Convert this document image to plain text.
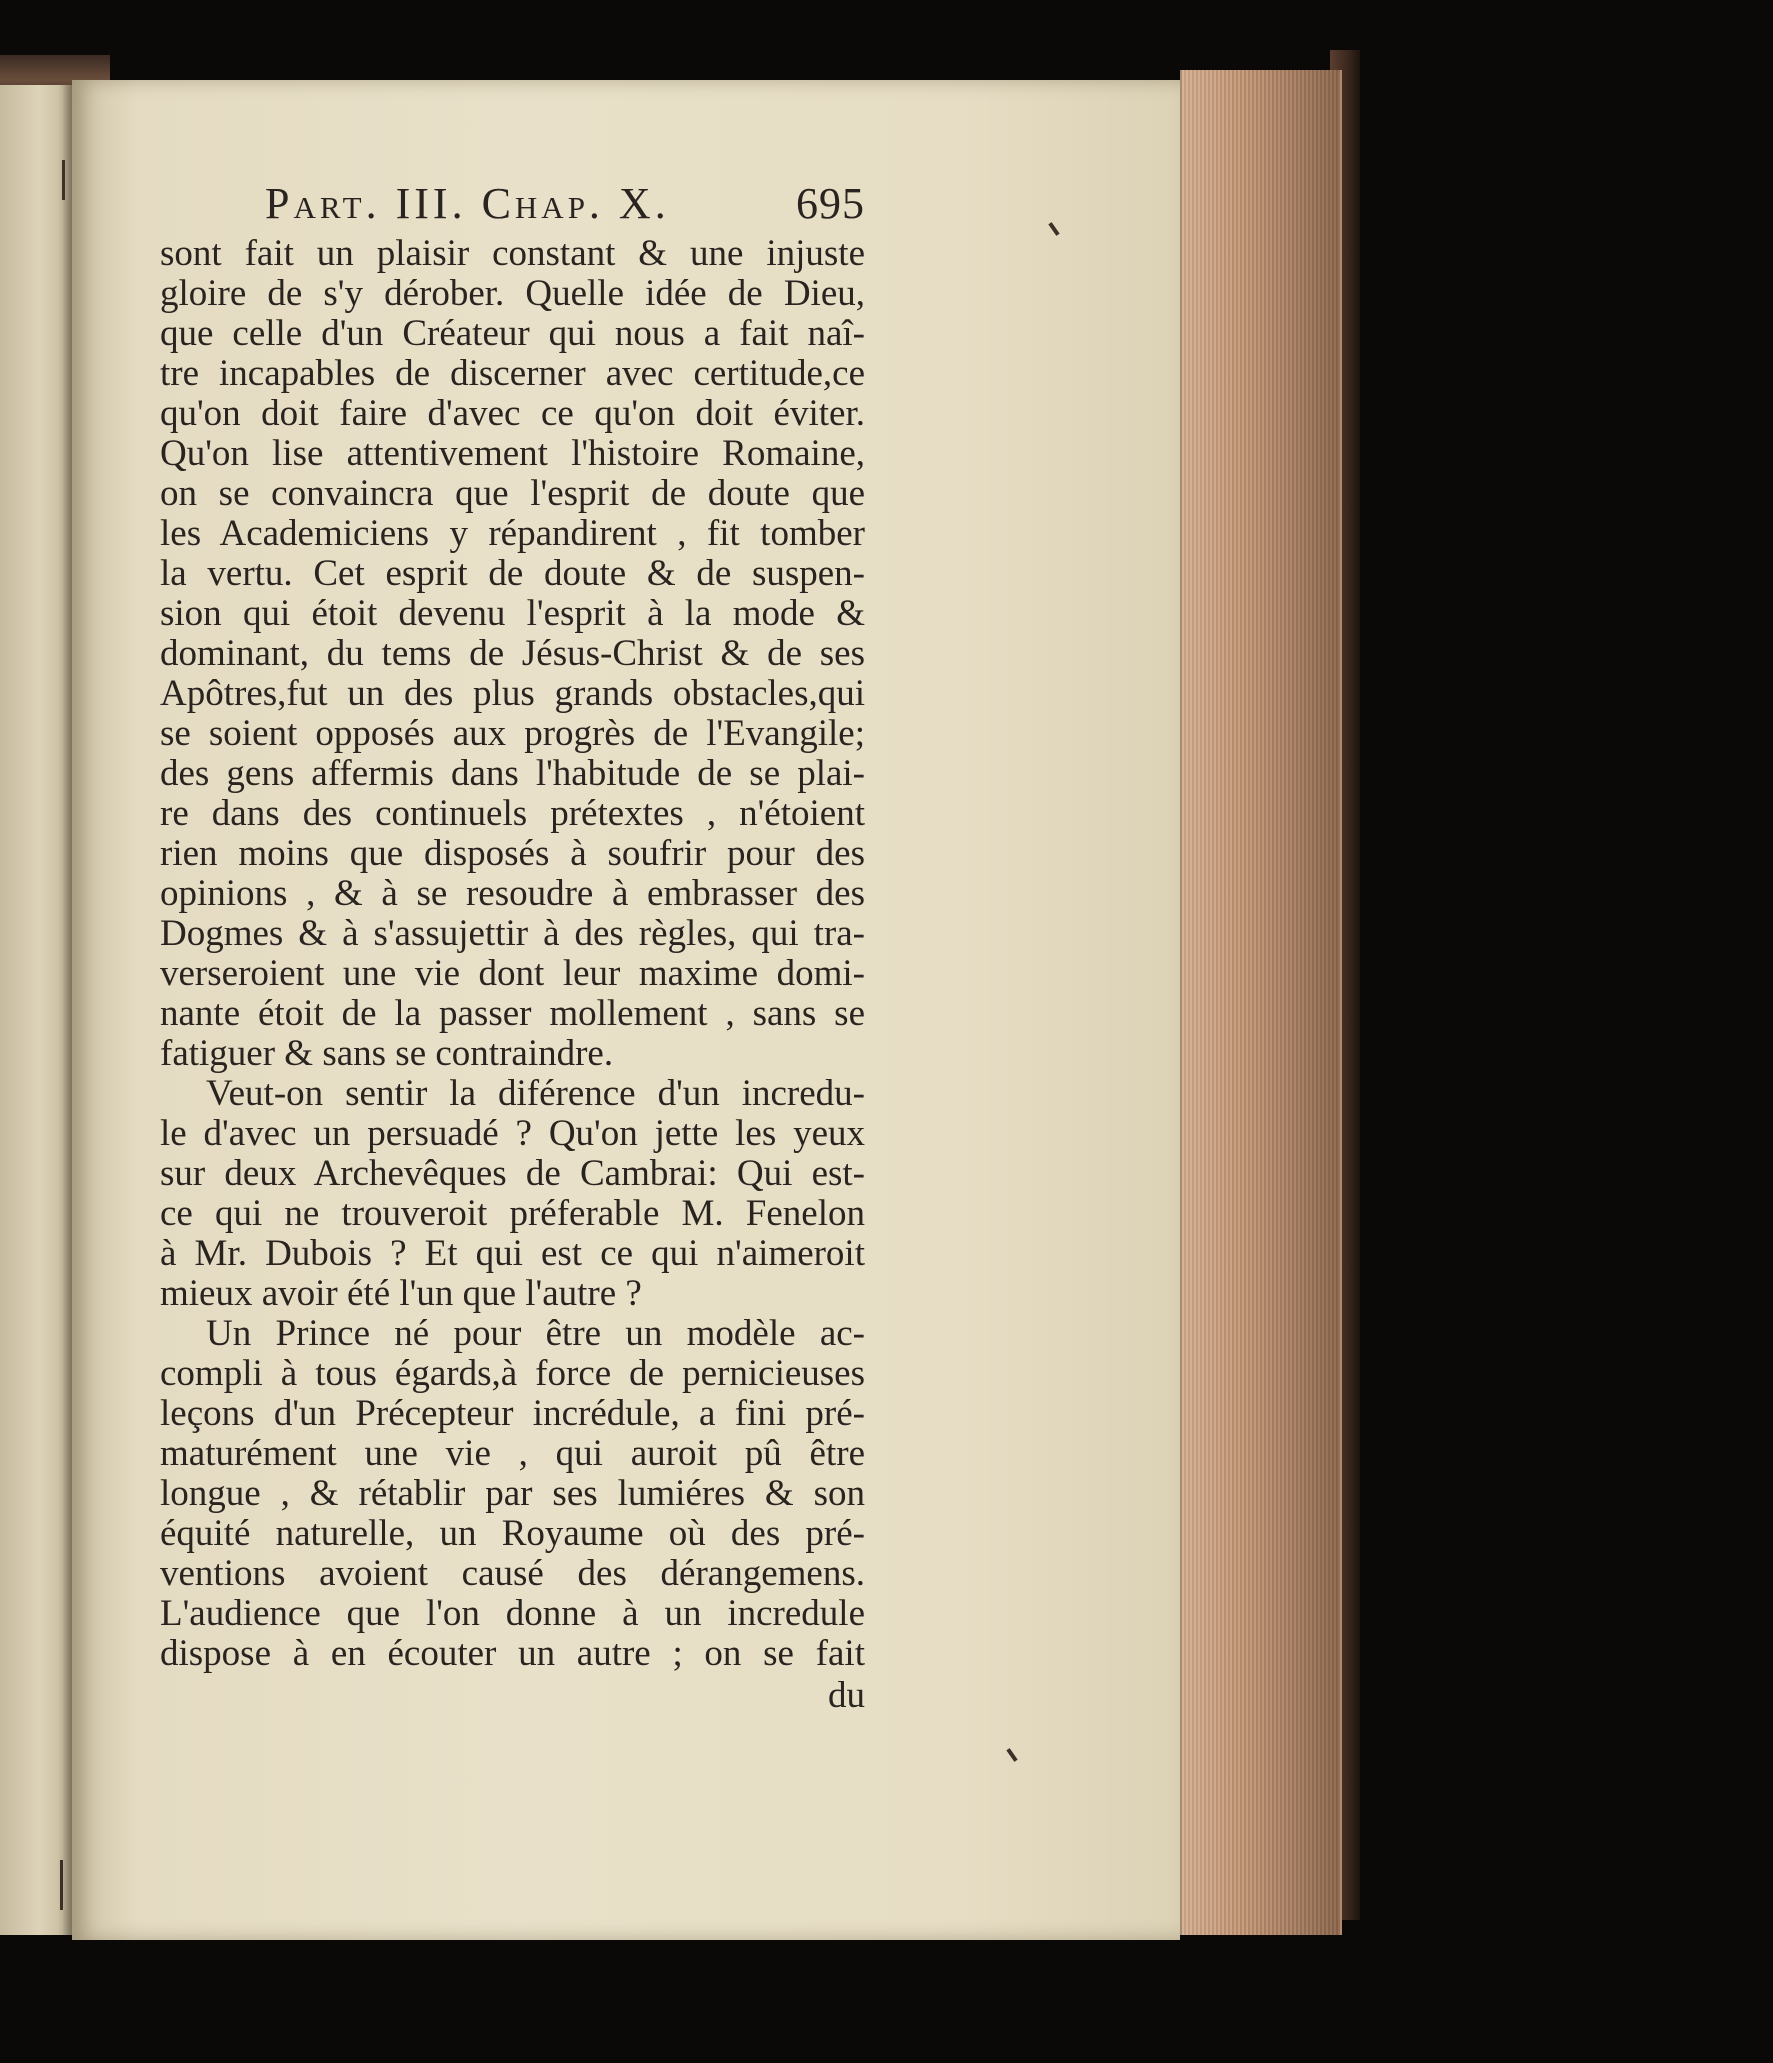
Part. III. Chap. X.	695
sont fait un plaisir constant & une injuste
gloire de s'y dérober. Quelle idée de Dieu,
que celle d'un Créateur qui nous a fait naî-
tre incapables de discerner avec certitude,ce
qu'on doit faire d'avec ce qu'on doit éviter.
Qu'on lise attentivement l'histoire Romaine,
on se convaincra que l'esprit de doute que
les Academiciens y répandirent , fit tomber
la vertu. Cet esprit de doute & de suspen-
sion qui étoit devenu l'esprit à la mode &
dominant, du tems de Jésus-Christ & de ses
Apôtres,fut un des plus grands obstacles,qui
se soient opposés aux progrès de l'Evangile;
des gens affermis dans l'habitude de se plai-
re dans des continuels prétextes , n'étoient
rien moins que disposés à soufrir pour des
opinions , & à se resoudre à embrasser des
Dogmes & à s'assujettir à des règles, qui tra-
verseroient une vie dont leur maxime domi-
nante étoit de la passer mollement , sans se
fatiguer & sans se contraindre.
Veut-on sentir la diférence d'un incredu-
le d'avec un persuadé ? Qu'on jette les yeux
sur deux Archevêques de Cambrai: Qui est-
ce qui ne trouveroit préferable M. Fenelon
à Mr. Dubois ? Et qui est ce qui n'aimeroit
mieux avoir été l'un que l'autre ?
Un Prince né pour être un modèle ac-
compli à tous égards,à force de pernicieuses
leçons d'un Précepteur incrédule, a fini pré-
maturément une vie , qui auroit pû être
longue , & rétablir par ses lumiéres & son
équité naturelle, un Royaume où des pré-
ventions avoient causé des dérangemens.
L'audience que l'on donne à un incredule
dispose à en écouter un autre ; on se fait
du
